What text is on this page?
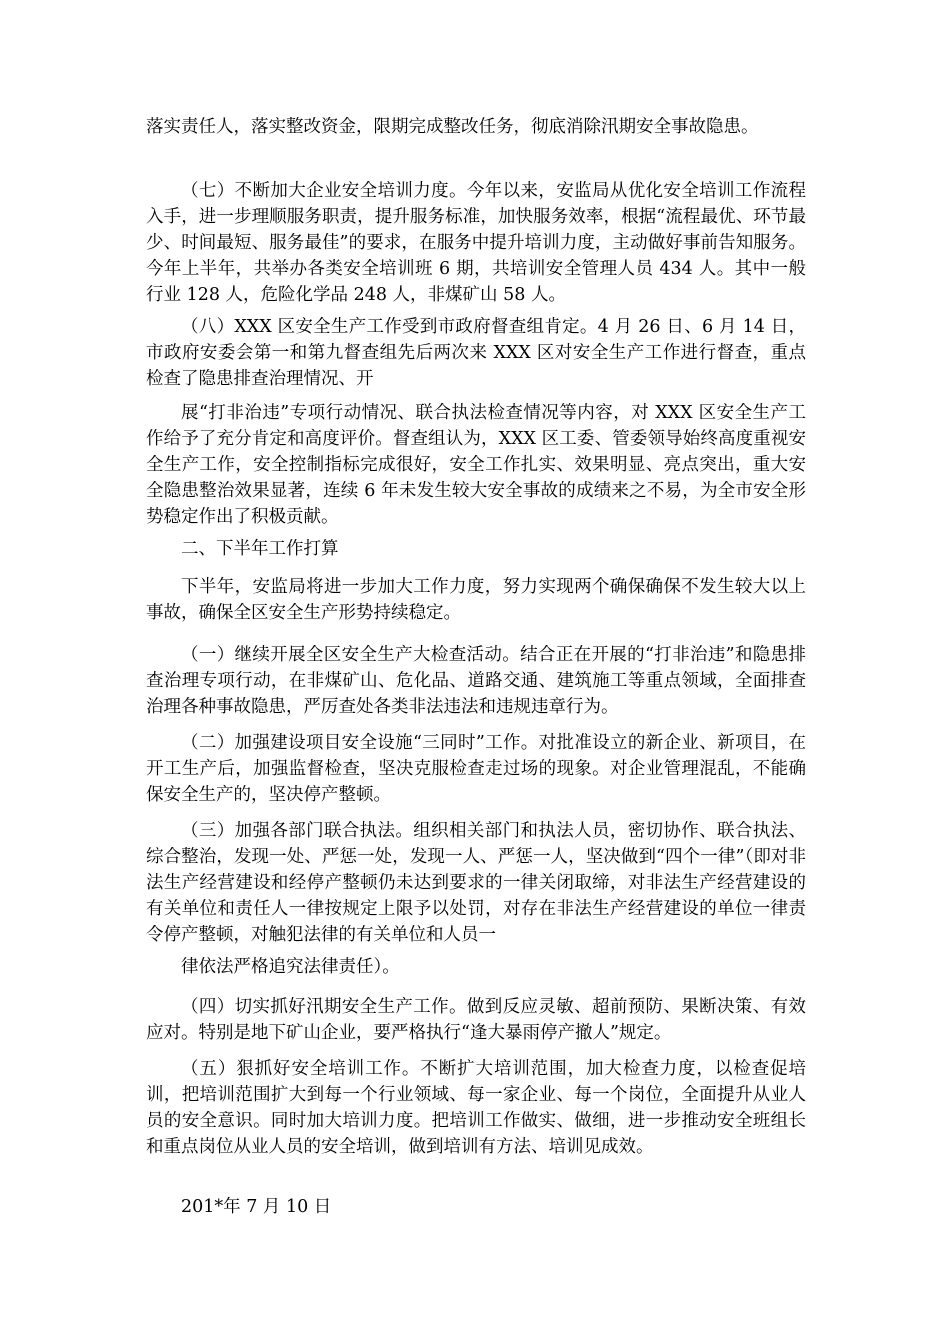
落实责任人，落实整改资金，限期完成整改任务，彻底消除汛期安全事故隐患。

（七）不断加大企业安全培训力度。今年以来，安监局从优化安全培训工作流程入手，进一步理顺服务职责，提升服务标准，加快服务效率，根据“流程最优、环节最少、时间最短、服务最佳”的要求，在服务中提升培训力度，主动做好事前告知服务。今年上半年，共举办各类安全培训班 6 期，共培训安全管理人员 434 人。其中一般行业 128 人，危险化学品 248 人，非煤矿山 58 人。

（八）XXX 区安全生产工作受到市政府督查组肯定。4 月 26 日、6 月 14 日，市政府安委会第一和第九督查组先后两次来 XXX 区对安全生产工作进行督查，重点检查了隐患排查治理情况、开

展“打非治违”专项行动情况、联合执法检查情况等内容，对 XXX 区安全生产工作给予了充分肯定和高度评价。督查组认为，XXX 区工委、管委领导始终高度重视安全生产工作，安全控制指标完成很好，安全工作扎实、效果明显、亮点突出，重大安全隐患整治效果显著，连续 6 年未发生较大安全事故的成绩来之不易，为全市安全形势稳定作出了积极贡献。

二、下半年工作打算

下半年，安监局将进一步加大工作力度，努力实现两个确保确保不发生较大以上事故，确保全区安全生产形势持续稳定。

（一）继续开展全区安全生产大检查活动。结合正在开展的“打非治违”和隐患排查治理专项行动，在非煤矿山、危化品、道路交通、建筑施工等重点领域，全面排查治理各种事故隐患，严厉查处各类非法违法和违规违章行为。

（二）加强建设项目安全设施“三同时”工作。对批准设立的新企业、新项目，在开工生产后，加强监督检查，坚决克服检查走过场的现象。对企业管理混乱，不能确保安全生产的，坚决停产整顿。

（三）加强各部门联合执法。组织相关部门和执法人员，密切协作、联合执法、综合整治，发现一处、严惩一处，发现一人、严惩一人，坚决做到“四个一律”（即对非法生产经营建设和经停产整顿仍未达到要求的一律关闭取缔，对非法生产经营建设的有关单位和责任人一律按规定上限予以处罚，对存在非法生产经营建设的单位一律责令停产整顿，对触犯法律的有关单位和人员一

律依法严格追究法律责任）。

（四）切实抓好汛期安全生产工作。做到反应灵敏、超前预防、果断决策、有效应对。特别是地下矿山企业，要严格执行“逢大暴雨停产撤人”规定。

（五）狠抓好安全培训工作。不断扩大培训范围，加大检查力度，以检查促培训，把培训范围扩大到每一个行业领域、每一家企业、每一个岗位，全面提升从业人员的安全意识。同时加大培训力度。把培训工作做实、做细，进一步推动安全班组长和重点岗位从业人员的安全培训，做到培训有方法、培训见成效。

201*年 7 月 10 日
